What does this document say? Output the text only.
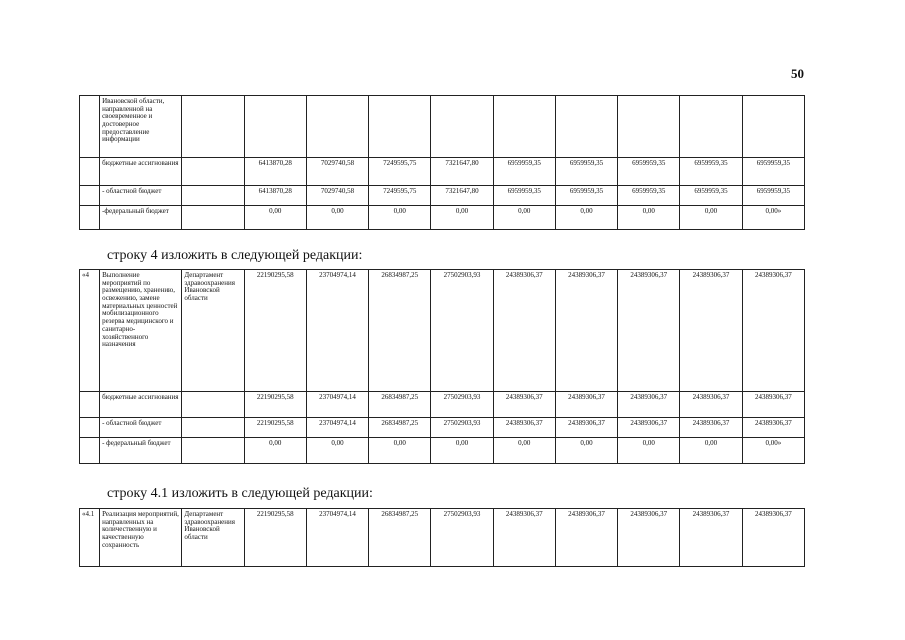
50
	Ивановской области, направленной на своевременное и достоверное предоставление информации										
	бюджетные ассигнования		6413870,28	7029740,58	7249595,75	7321647,80	6959959,35	6959959,35	6959959,35	6959959,35	6959959,35
	- областной бюджет		6413870,28	7029740,58	7249595,75	7321647,80	6959959,35	6959959,35	6959959,35	6959959,35	6959959,35
	-федеральный бюджет		0,00	0,00	0,00	0,00	0,00	0,00	0,00	0,00	0,00»
строку 4 изложить в следующей редакции:
«4	Выполнение мероприятий по размещению, хранению, освежению, замене материальных ценностей мобилизационного резерва медицинского и санитарно-хозяйственного назначения	Департамент здравоохранения Ивановской области	22190295,58	23704974,14	26834987,25	27502903,93	24389306,37	24389306,37	24389306,37	24389306,37	24389306,37
	бюджетные ассигнования		22190295,58	23704974,14	26834987,25	27502903,93	24389306,37	24389306,37	24389306,37	24389306,37	24389306,37
	- областной бюджет		22190295,58	23704974,14	26834987,25	27502903,93	24389306,37	24389306,37	24389306,37	24389306,37	24389306,37
	- федеральный бюджет		0,00	0,00	0,00	0,00	0,00	0,00	0,00	0,00	0,00»
строку 4.1 изложить в следующей редакции:
«4.1	Реализация мероприятий, направленных на количественную и качественную сохранность	Департамент здравоохранения Ивановской области	22190295,58	23704974,14	26834987,25	27502903,93	24389306,37	24389306,37	24389306,37	24389306,37	24389306,37
